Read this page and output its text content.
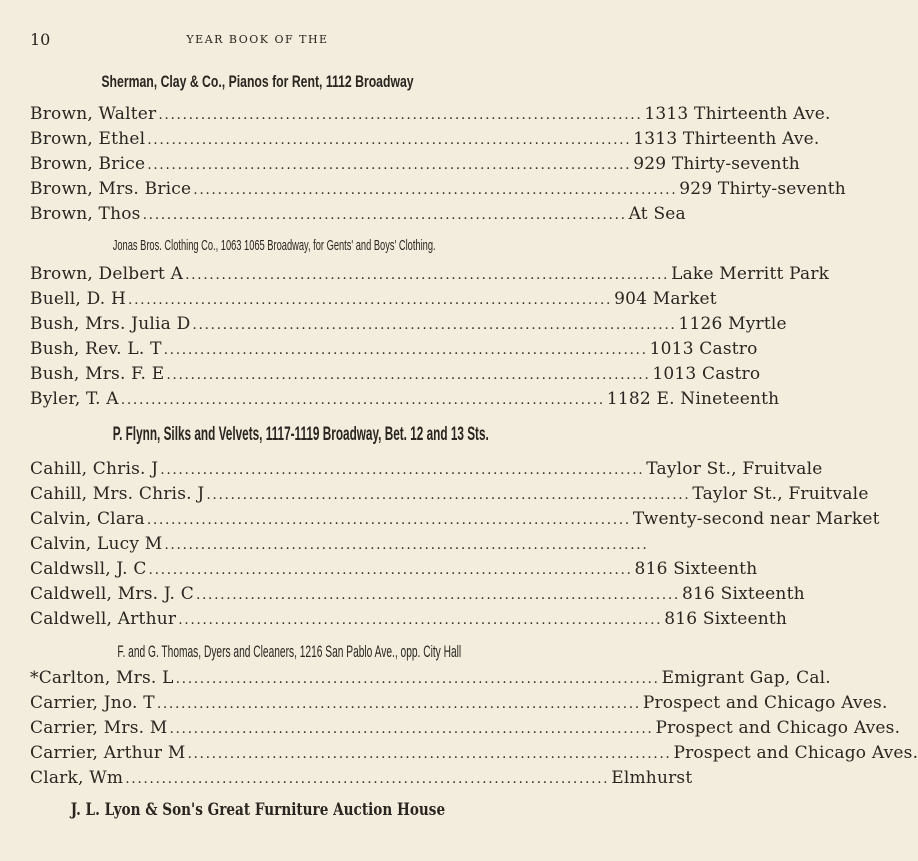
10	YEAR BOOK OF THE
Sherman, Clay & Co., Pianos for Rent, 1112 Broadway
Brown, Walter ................................................................................ 1313 Thirteenth Ave.
Brown, Ethel ................................................................................ 1313 Thirteenth Ave.
Brown, Brice ................................................................................ 929 Thirty-seventh
Brown, Mrs. Brice ................................................................................ 929 Thirty-seventh
Brown, Thos ................................................................................ At Sea
Jonas Bros. Clothing Co., 1063 1065 Broadway, for Gents' and Boys' Clothing.
Brown, Delbert A ................................................................................ Lake Merritt Park
Buell, D. H ................................................................................ 904 Market
Bush, Mrs. Julia D ................................................................................ 1126 Myrtle
Bush, Rev. L. T ................................................................................ 1013 Castro
Bush, Mrs. F. E ................................................................................ 1013 Castro
Byler, T. A ................................................................................ 1182 E. Nineteenth
P. Flynn, Silks and Velvets, 1117-1119 Broadway, Bet. 12 and 13 Sts.
Cahill, Chris. J ................................................................................ Taylor St., Fruitvale
Cahill, Mrs. Chris. J ................................................................................ Taylor St., Fruitvale
Calvin, Clara ................................................................................ Twenty-second near Market
Calvin, Lucy M ................................................................................
Caldwsll, J. C ................................................................................ 816 Sixteenth
Caldwell, Mrs. J. C ................................................................................ 816 Sixteenth
Caldwell, Arthur ................................................................................ 816 Sixteenth
F. and G. Thomas, Dyers and Cleaners, 1216 San Pablo Ave., opp. City Hall
*Carlton, Mrs. L ................................................................................ Emigrant Gap, Cal.
Carrier, Jno. T ................................................................................ Prospect and Chicago Aves.
Carrier, Mrs. M ................................................................................ Prospect and Chicago Aves.
Carrier, Arthur M ................................................................................ Prospect and Chicago Aves.
Clark, Wm ................................................................................ Elmhurst
J. L. Lyon & Son's Great Furniture Auction House
